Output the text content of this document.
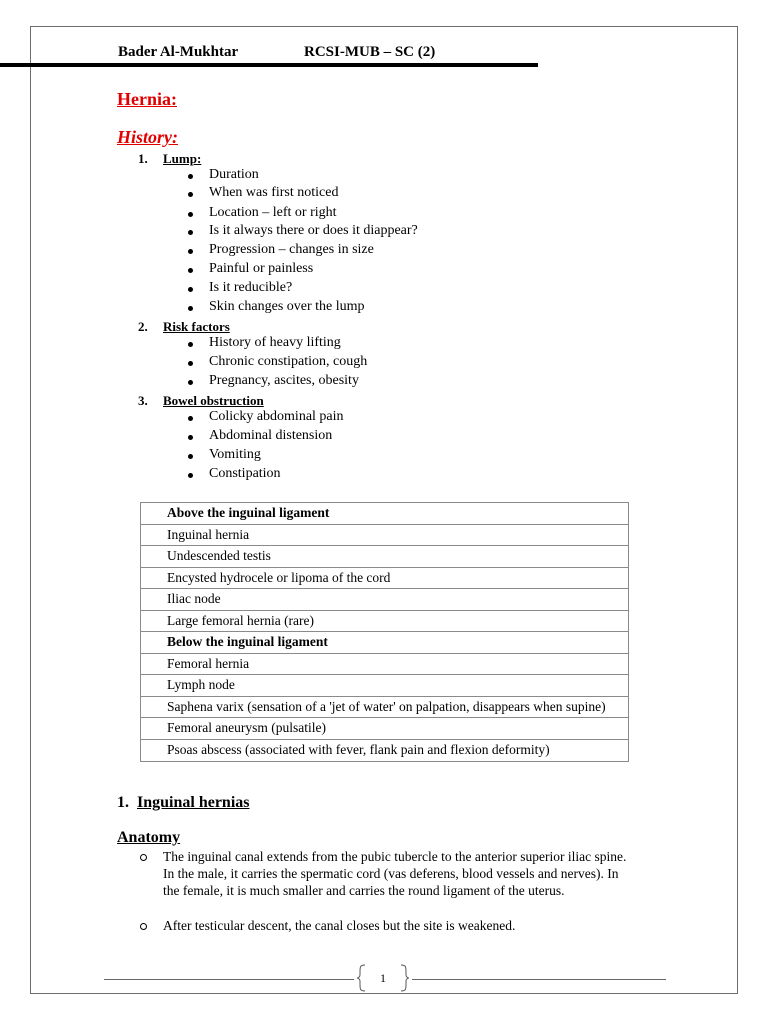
Bader Al-Mukhtar	RCSI-MUB – SC (2)
Hernia:
History:
1. Lump:
Duration
When was first noticed
Location – left or right
Is it always there or does it diappear?
Progression – changes in size
Painful or painless
Is it reducible?
Skin changes over the lump
2. Risk factors
History of heavy lifting
Chronic constipation, cough
Pregnancy, ascites, obesity
3. Bowel obstruction
Colicky abdominal pain
Abdominal distension
Vomiting
Constipation
Above the inguinal ligament
Inguinal hernia
Undescended testis
Encysted hydrocele or lipoma of the cord
Iliac node
Large femoral hernia (rare)
Below the inguinal ligament
Femoral hernia
Lymph node
Saphena varix (sensation of a 'jet of water' on palpation, disappears when supine)
Femoral aneurysm (pulsatile)
Psoas abscess (associated with fever, flank pain and flexion deformity)
1. Inguinal hernias
Anatomy
The inguinal canal extends from the pubic tubercle to the anterior superior iliac spine. In the male, it carries the spermatic cord (vas deferens, blood vessels and nerves). In the female, it is much smaller and carries the round ligament of the uterus.
After testicular descent, the canal closes but the site is weakened.
1
